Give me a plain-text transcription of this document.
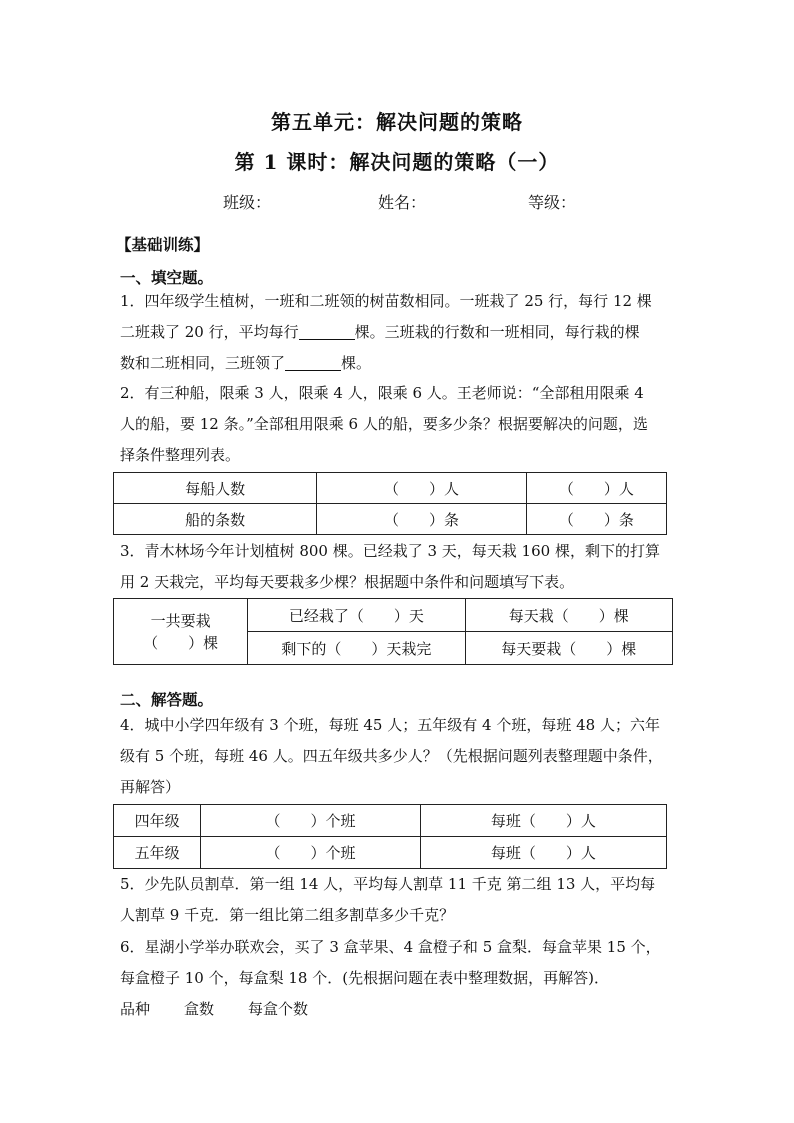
第五单元：解决问题的策略
第 1 课时：解决问题的策略（一）
班级：	姓名：	等级：
【基础训练】
一、填空题。
1．四年级学生植树，一班和二班领的树苗数相同。一班栽了 25 行，每行 12 棵
二班栽了 20 行，平均每行	棵。三班栽的行数和一班相同，每行栽的棵
数和二班相同，三班领了	棵。
2．有三种船，限乘 3 人，限乘 4 人，限乘 6 人。王老师说：“全部租用限乘 4
人的船，要 12 条。”全部租用限乘 6 人的船，要多少条？根据要解决的问题，选
择条件整理列表。
每船人数	（　　）人	（　　）人
船的条数	（　　）条	（　　）条
3．青木林场今年计划植树 800 棵。已经栽了 3 天，每天栽 160 棵，剩下的打算
用 2 天栽完，平均每天要栽多少棵？根据题中条件和问题填写下表。
一共要栽
（　　）棵	已经栽了（　　）天	每天栽（　　）棵
	剩下的（　　）天栽完	每天要栽（　　）棵
二、解答题。
4．城中小学四年级有 3 个班，每班 45 人；五年级有 4 个班，每班 48 人；六年
级有 5 个班，每班 46 人。四五年级共多少人？（先根据问题列表整理题中条件，
再解答）
四年级	（　　）个班	每班（　　）人
五年级	（　　）个班	每班（　　）人
5．少先队员割草．第一组 14 人，平均每人割草 11 千克 第二组 13 人，平均每
人割草 9 千克．第一组比第二组多割草多少千克？
6．星湖小学举办联欢会，买了 3 盒苹果、4 盒橙子和 5 盒梨．每盒苹果 15 个，
每盒橙子 10 个，每盒梨 18 个．(先根据问题在表中整理数据，再解答)．
品种	盒数	每盒个数
